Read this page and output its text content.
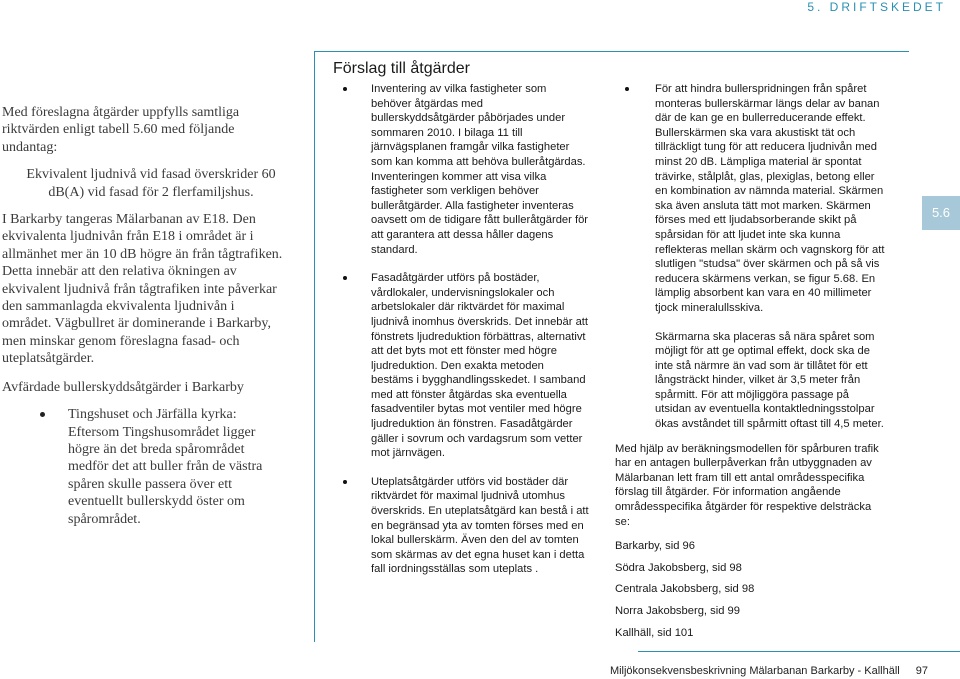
5. DRIFTSKEDET

Med föreslagna åtgärder uppfylls samtliga riktvärden enligt tabell 5.60 med följande undantag:

Ekvivalent ljudnivå vid fasad överskrider 60 dB(A) vid fasad för 2 flerfamiljshus.

I Barkarby tangeras Mälarbanan av E18. Den ekvivalenta ljudnivån från E18 i området är i allmänhet mer än 10 dB högre än från tågtrafiken. Detta innebär att den relativa ökningen av ekvivalent ljudnivå från tågtrafiken inte påverkar den sammanlagda ekvivalenta ljudnivån i området. Vägbullret är dominerande i Barkarby, men minskar genom föreslagna fasad- och uteplatsåtgärder.

Avfärdade bullerskyddsåtgärder i Barkarby

Tingshuset och Järfälla kyrka: Eftersom Tingshusområdet ligger högre än det breda spårområdet medför det att buller från de västra spåren skulle passera över ett eventuellt bullerskydd öster om spårområdet.
Förslag till åtgärder
Inventering av vilka fastigheter som behöver åtgärdas med bullerskyddsåtgärder påbörjades under sommaren 2010. I bilaga 11 till järnvägsplanen framgår vilka fastigheter som kan komma att behöva bulleråtgärdas. Inventeringen kommer att visa vilka fastigheter som verkligen behöver bulleråtgärder. Alla fastigheter inventeras oavsett om de tidigare fått bulleråtgärder för att garantera att dessa håller dagens standard.
Fasadåtgärder utförs på bostäder, vårdlokaler, undervisningslokaler och arbetslokaler där riktvärdet för maximal ljudnivå inomhus överskrids. Det innebär att fönstrets ljudreduktion förbättras, alternativt att det byts mot ett fönster med högre ljudreduktion. Den exakta metoden bestäms i bygghandlingsskedet. I samband med att fönster åtgärdas ska eventuella fasadventiler bytas mot ventiler med högre ljudreduktion än fönstren. Fasadåtgärder gäller i sovrum och vardagsrum som vetter mot järnvägen.
Uteplatsåtgärder utförs vid bostäder där riktvärdet för maximal ljudnivå utomhus överskrids. En uteplatsåtgärd kan bestå i att en begränsad yta av tomten förses med en lokal bullerskärm. Även den del av tomten som skärmas av det egna huset kan i detta fall iordningsställas som uteplats .
För att hindra bullerspridningen från spåret monteras bullerskärmar längs delar av banan där de kan ge en bullerreducerande effekt. Bullerskärmen ska vara akustiskt tät och tillräckligt tung för att reducera ljudnivån med minst 20 dB. Lämpliga material är spontat trävirke, stålplåt, glas, plexiglas, betong eller en kombination av nämnda material. Skärmen ska även ansluta tätt mot marken. Skärmen förses med ett ljudabsorberande skikt på spårsidan för att ljudet inte ska kunna reflekteras mellan skärm och vagnskorg för att slutligen "studsa" över skärmen och på så vis reducera skärmens verkan, se figur 5.68. En lämplig absorbent kan vara en 40 millimeter tjock mineralullsskiva.

Skärmarna ska placeras så nära spåret som möjligt för att ge optimal effekt, dock ska de inte stå närmre än vad som är tillåtet för ett långsträckt hinder, vilket är 3,5 meter från spårmitt. För att möjliggöra passage på utsidan av eventuella kontaktledningsstolpar ökas avståndet till spårmitt oftast till 4,5 meter.

Med hjälp av beräkningsmodellen för spårburen trafik har en antagen bullerpåverkan från utbyggnaden av Mälarbanan lett fram till ett antal områdesspecifika förslag till åtgärder. För information angående områdesspecifika åtgärder för respektive delsträcka se:

Barkarby, sid 96

Södra Jakobsberg, sid 98

Centrala Jakobsberg, sid 98

Norra Jakobsberg, sid 99

Kallhäll, sid 101

5.6
Miljökonsekvensbeskrivning Mälarbanan Barkarby - Kallhäll 97
